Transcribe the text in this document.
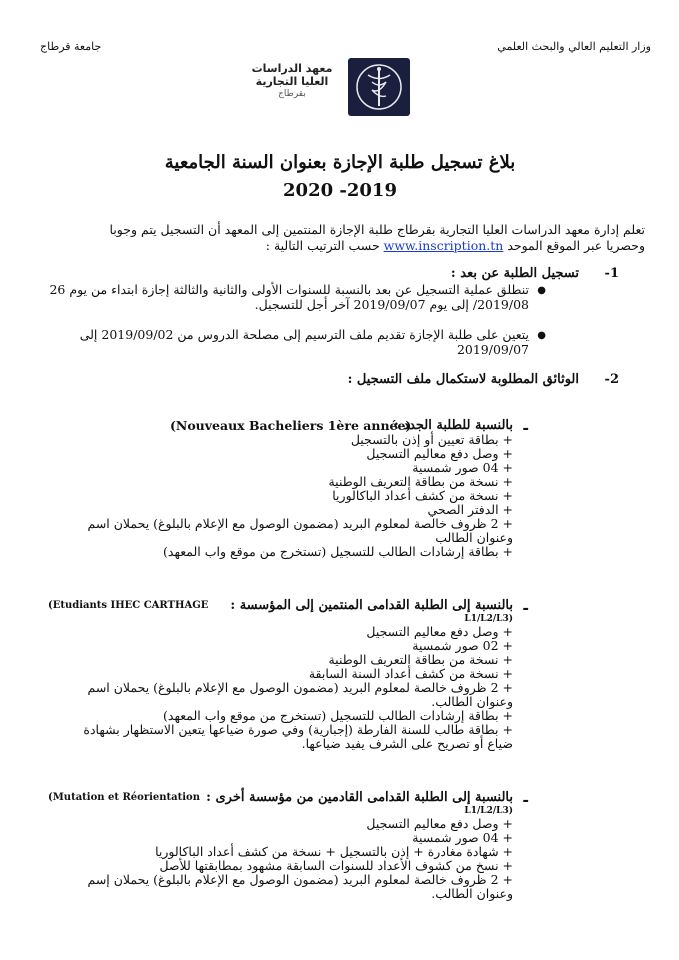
وزار التعليم العالي والبحث العلمي
جامعة قرطاج
معهد الدراسات
العليا التجارية
بقرطاج
بلاغ تسجيل طلبة الإجازة بعنوان السنة الجامعية
2020 -2019
تعلم إدارة معهد الدراسات العليا التجارية بقرطاج طلبة الإجازة المنتمين إلى المعهد أن التسجيل يتم وجوبا
وحصريا عبر الموقع الموحد www.inscription.tn حسب الترتيب التالية :
-1
تسجيل الطلبة عن بعد :
●
تنطلق عملية التسجيل عن بعد بالنسبة للسنوات الأولى والثانية والثالثة إجازة ابتداء من يوم 26
2019/08/ إلى يوم 2019/09/07 آخر أجل للتسجيل.
●
يتعين على طلبة الإجازة تقديم ملف الترسيم إلى مصلحة الدروس من 2019/09/02 إلى
2019/09/07
-2
الوثائق المطلوبة لاستكمال ملف التسجيل :
-
بالنسبة للطلبة الجدد :
(Nouveaux Bacheliers 1ère année)
+ بطاقة تعيين أو إذن بالتسجيل
+ وصل دفع معاليم التسجيل
+ 04 صور شمسية
+ نسخة من بطاقة التعريف الوطنية
+ نسخة من كشف أعداد الباكالوريا
+ الدفتر الصحي
+ 2 ظروف خالصة لمعلوم البريد (مضمون الوصول مع الإعلام بالبلوغ) يحملان اسم
وعنوان الطالب
+ بطاقة إرشادات الطالب للتسجيل (تستخرج من موقع واب المعهد)
-
بالنسبة إلى الطلبة القدامى المنتمين إلى المؤسسة :
(Etudiants IHEC CARTHAGE
L1/L2/L3)
+ وصل دفع معاليم التسجيل
+ 02 صور شمسية
+ نسخة من بطاقة التعريف الوطنية
+ نسخة من كشف أعداد السنة السابقة
+ 2 ظروف خالصة لمعلوم البريد (مضمون الوصول مع الإعلام بالبلوغ) يحملان اسم
وعنوان الطالب.
+ بطاقة إرشادات الطالب للتسجيل (تستخرج من موقع واب المعهد)
+ بطاقة طالب للسنة الفارطة (إجبارية) وفي صورة ضياعها يتعين الاستظهار بشهادة
ضياع أو تصريح على الشرف يفيد ضياعها.
-
بالنسبة إلى الطلبة القدامى القادمين من مؤسسة أخرى :
(Mutation et Réorientation
L1/L2/L3)
+ وصل دفع معاليم التسجيل
+ 04 صور شمسية
+ شهادة مغادرة + إذن بالتسجيل + نسخة من كشف أعداد الباكالوريا
+ نسخ من كشوف الأعداد للسنوات السابقة مشهود بمطابقتها للأصل
+ 2 ظروف خالصة لمعلوم البريد (مضمون الوصول مع الإعلام بالبلوغ) يحملان إسم
وعنوان الطالب.
